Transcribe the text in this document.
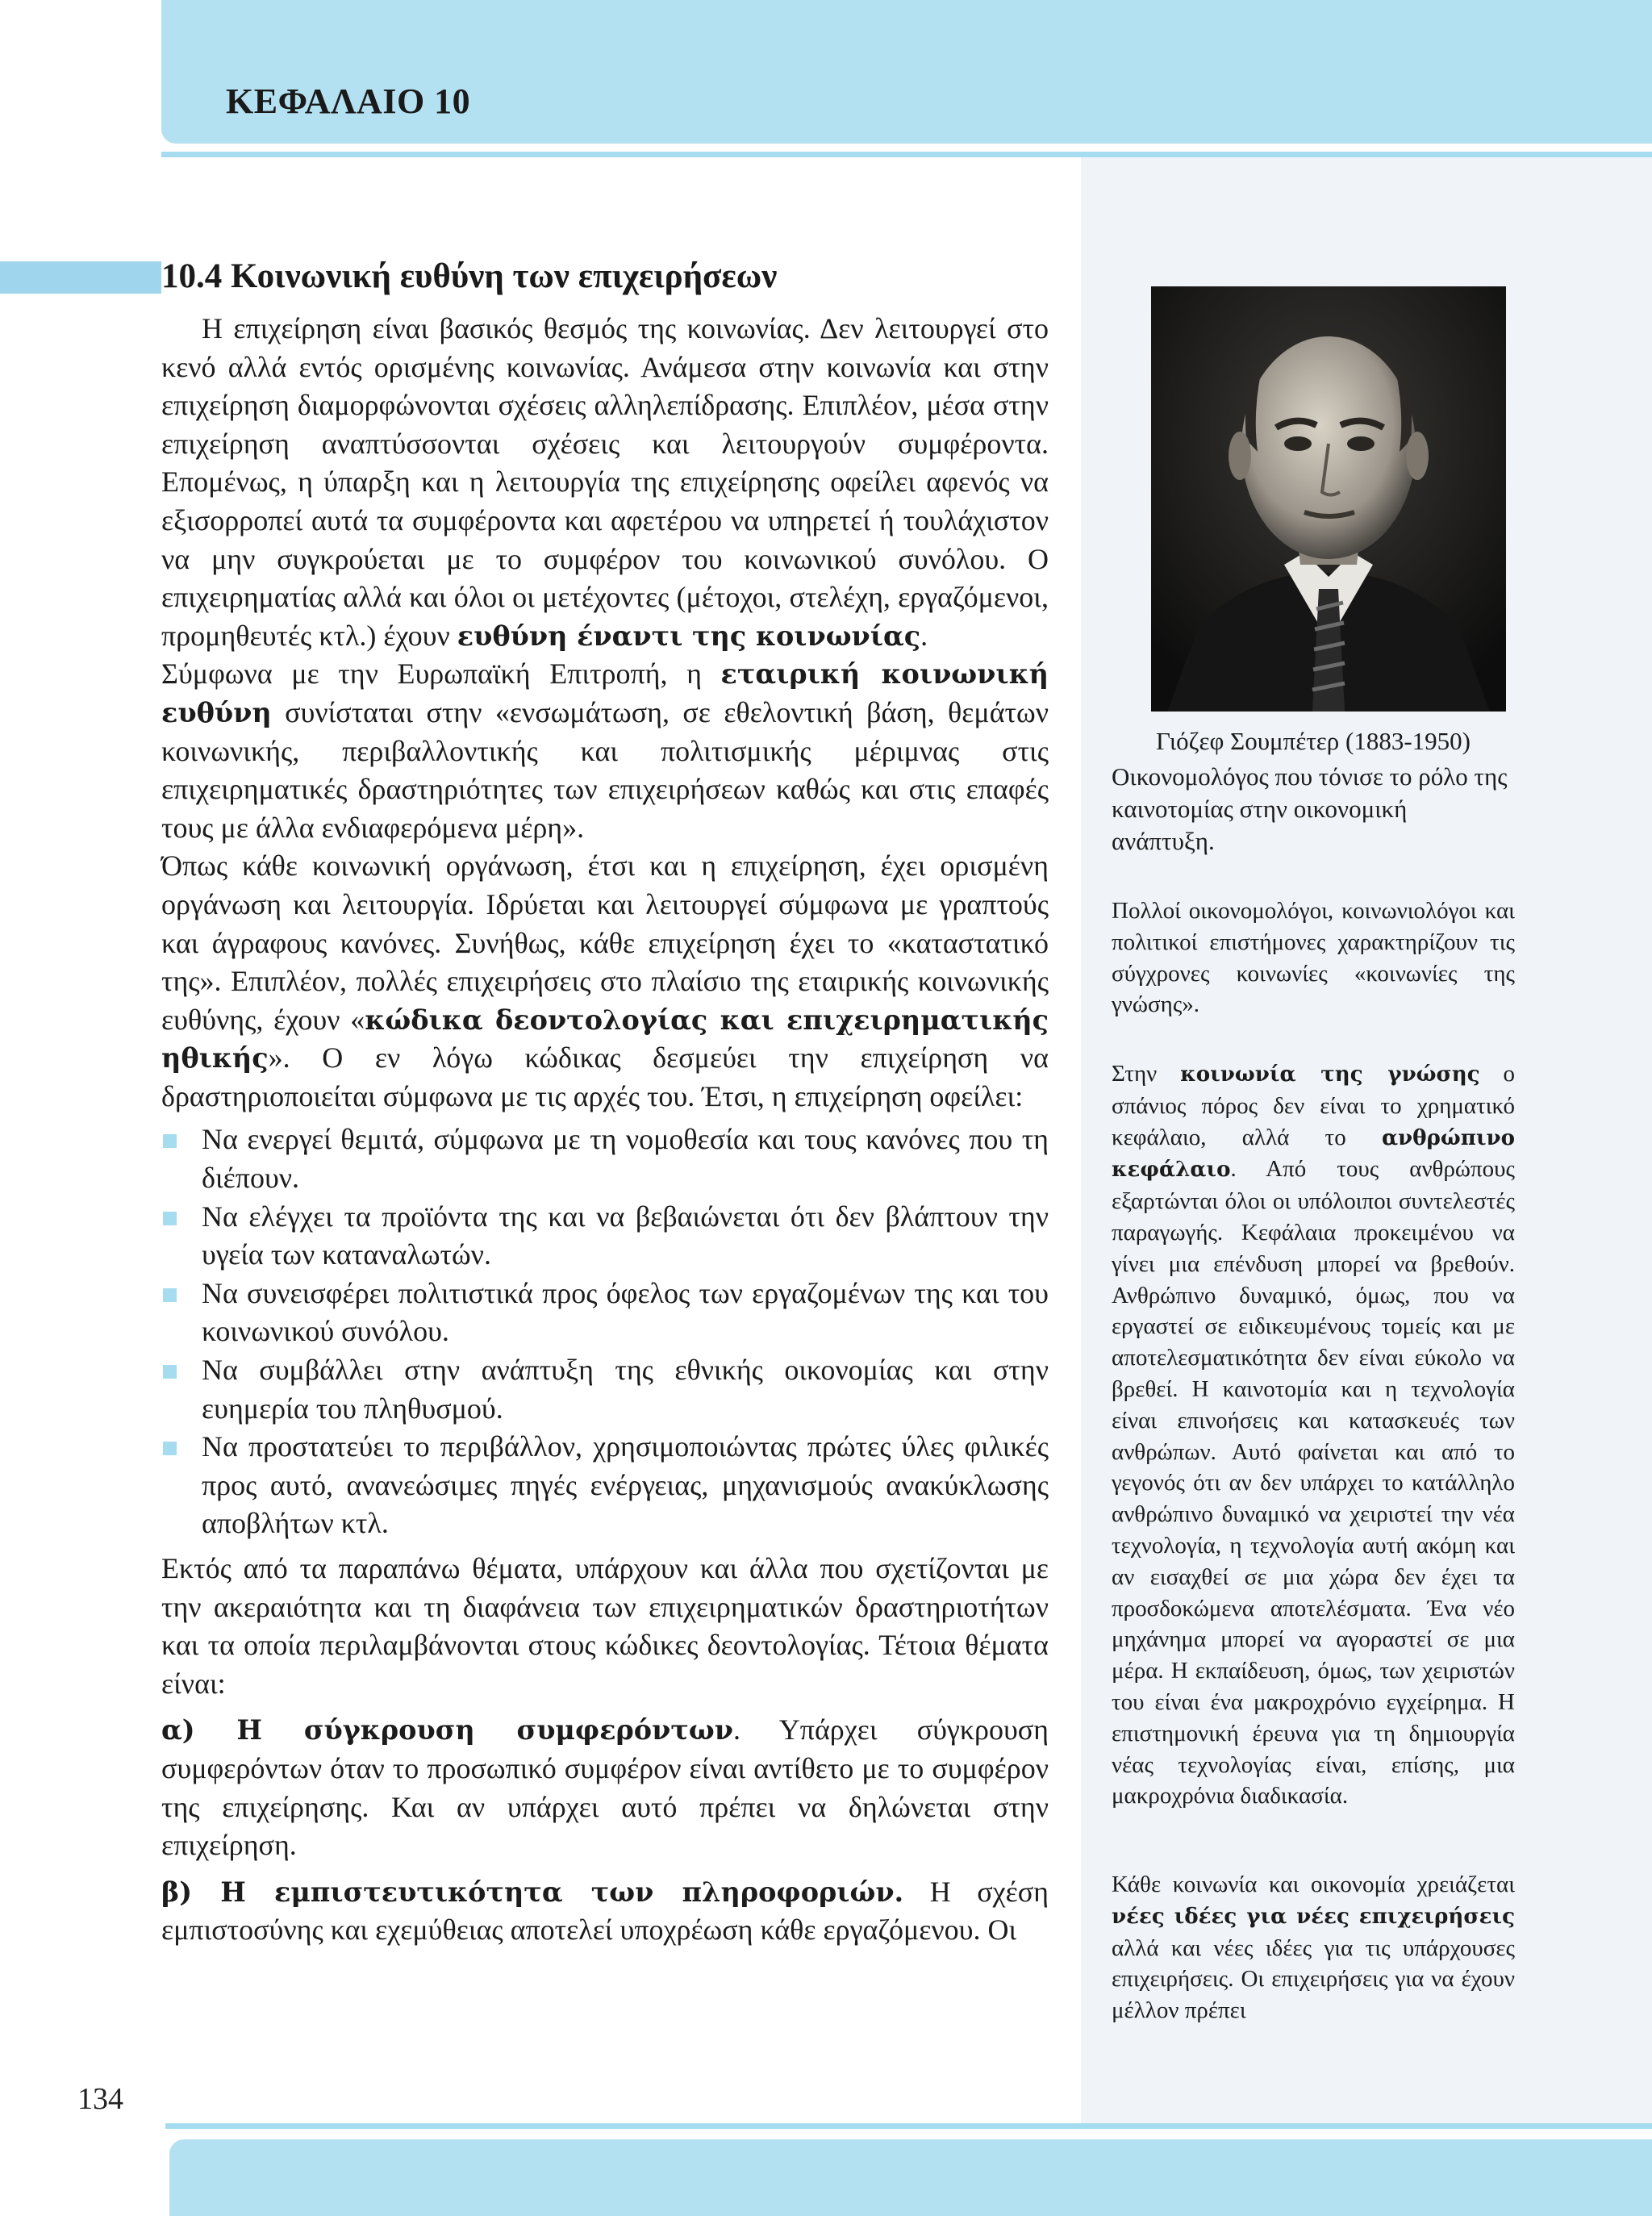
ΚΕΦΑΛΑΙΟ 10
134
10.4 Κοινωνική ευθύνη των επιχειρήσεων

Η επιχείρηση είναι βασικός θεσμός της κοινωνίας. Δεν λειτουργεί στο κενό αλλά εντός ορισμένης κοινωνίας. Ανάμεσα στην κοινωνία και στην επιχείρηση διαμορφώνονται σχέσεις αλληλεπίδρασης. Επιπλέον, μέσα στην επιχείρηση αναπτύσσονται σχέσεις και λειτουργούν συμφέροντα. Επομένως, η ύπαρξη και η λειτουργία της επιχείρησης οφείλει αφενός να εξισορροπεί αυτά τα συμφέροντα και αφετέρου να υπηρετεί ή τουλάχιστον να μην συγκρούεται με το συμφέρον του κοινωνικού συνόλου. Ο επιχειρηματίας αλλά και όλοι οι μετέχοντες (μέτοχοι, στελέχη, εργαζόμενοι, προμηθευτές κτλ.) έχουν ευθύνη έναντι της κοινωνίας.

Σύμφωνα με την Ευρωπαϊκή Επιτροπή, η εταιρική κοινωνική ευθύνη συνίσταται στην «ενσωμάτωση, σε εθελοντική βάση, θεμάτων κοινωνικής, περιβαλλοντικής και πολιτισμικής μέριμνας στις επιχειρηματικές δραστηριότητες των επιχειρήσεων καθώς και στις επαφές τους με άλλα ενδιαφερόμενα μέρη».

Όπως κάθε κοινωνική οργάνωση, έτσι και η επιχείρηση, έχει ορισμένη οργάνωση και λειτουργία. Ιδρύεται και λειτουργεί σύμφωνα με γραπτούς και άγραφους κανόνες. Συνήθως, κάθε επιχείρηση έχει το «καταστατικό της». Επιπλέον, πολλές επιχειρήσεις στο πλαίσιο της εταιρικής κοινωνικής ευθύνης, έχουν «κώδικα δεοντολογίας και επιχειρηματικής ηθικής». Ο εν λόγω κώδικας δεσμεύει την επιχείρηση να δραστηριοποιείται σύμφωνα με τις αρχές του. Έτσι, η επιχείρηση οφείλει:

Να ενεργεί θεμιτά, σύμφωνα με τη νομοθεσία και τους κανόνες που τη διέπουν.
Να ελέγχει τα προϊόντα της και να βεβαιώνεται ότι δεν βλάπτουν την υγεία των καταναλωτών.
Να συνεισφέρει πολιτιστικά προς όφελος των εργαζομένων της και του κοινωνικού συνόλου.
Να συμβάλλει στην ανάπτυξη της εθνικής οικονομίας και στην ευημερία του πληθυσμού.
Να προστατεύει το περιβάλλον, χρησιμοποιώντας πρώτες ύλες φιλικές προς αυτό, ανανεώσιμες πηγές ενέργειας, μηχανισμούς ανακύκλωσης αποβλήτων κτλ.

Εκτός από τα παραπάνω θέματα, υπάρχουν και άλλα που σχετίζονται με την ακεραιότητα και τη διαφάνεια των επιχειρηματικών δραστηριοτήτων και τα οποία περιλαμβάνονται στους κώδικες δεοντολογίας. Τέτοια θέματα είναι:

α) Η σύγκρουση συμφερόντων. Υπάρχει σύγκρουση συμφερόντων όταν το προσωπικό συμφέρον είναι αντίθετο με το συμφέρον της επιχείρησης. Και αν υπάρχει αυτό πρέπει να δηλώνεται στην επιχείρηση.

β) Η εμπιστευτικότητα των πληροφοριών. Η σχέση εμπιστοσύνης και εχεμύθειας αποτελεί υποχρέωση κάθε εργαζόμενου. Οι

Γιόζεφ Σουμπέτερ (1883-1950)
Οικονομολόγος που τόνισε το ρόλο της καινοτομίας στην οικονομική ανάπτυξη.
Πολλοί οικονομολόγοι, κοινωνιολόγοι και πολιτικοί επιστήμονες χαρακτηρίζουν τις σύγχρονες κοινωνίες «κοινωνίες της γνώσης».
Στην κοινωνία της γνώσης ο σπάνιος πόρος δεν είναι το χρηματικό κεφάλαιο, αλλά το ανθρώπινο κεφάλαιο. Από τους ανθρώπους εξαρτώνται όλοι οι υπόλοιποι συντελεστές παραγωγής. Κεφάλαια προκειμένου να γίνει μια επένδυση μπορεί να βρεθούν. Ανθρώπινο δυναμικό, όμως, που να εργαστεί σε ειδικευμένους τομείς και με αποτελεσματικότητα δεν είναι εύκολο να βρεθεί. Η καινοτομία και η τεχνολογία είναι επινοήσεις και κατασκευές των ανθρώπων. Αυτό φαίνεται και από το γεγονός ότι αν δεν υπάρχει το κατάλληλο ανθρώπινο δυναμικό να χειριστεί την νέα τεχνολογία, η τεχνολογία αυτή ακόμη και αν εισαχθεί σε μια χώρα δεν έχει τα προσδοκώμενα αποτελέσματα. Ένα νέο μηχάνημα μπορεί να αγοραστεί σε μια μέρα. Η εκπαίδευση, όμως, των χειριστών του είναι ένα μακροχρόνιο εγχείρημα. Η επιστημονική έρευνα για τη δημιουργία νέας τεχνολογίας είναι, επίσης, μια μακροχρόνια διαδικασία.
Κάθε κοινωνία και οικονομία χρειάζεται νέες ιδέες για νέες επιχειρήσεις αλλά και νέες ιδέες για τις υπάρχουσες επιχειρήσεις. Οι επιχειρήσεις για να έχουν μέλλον πρέπει
